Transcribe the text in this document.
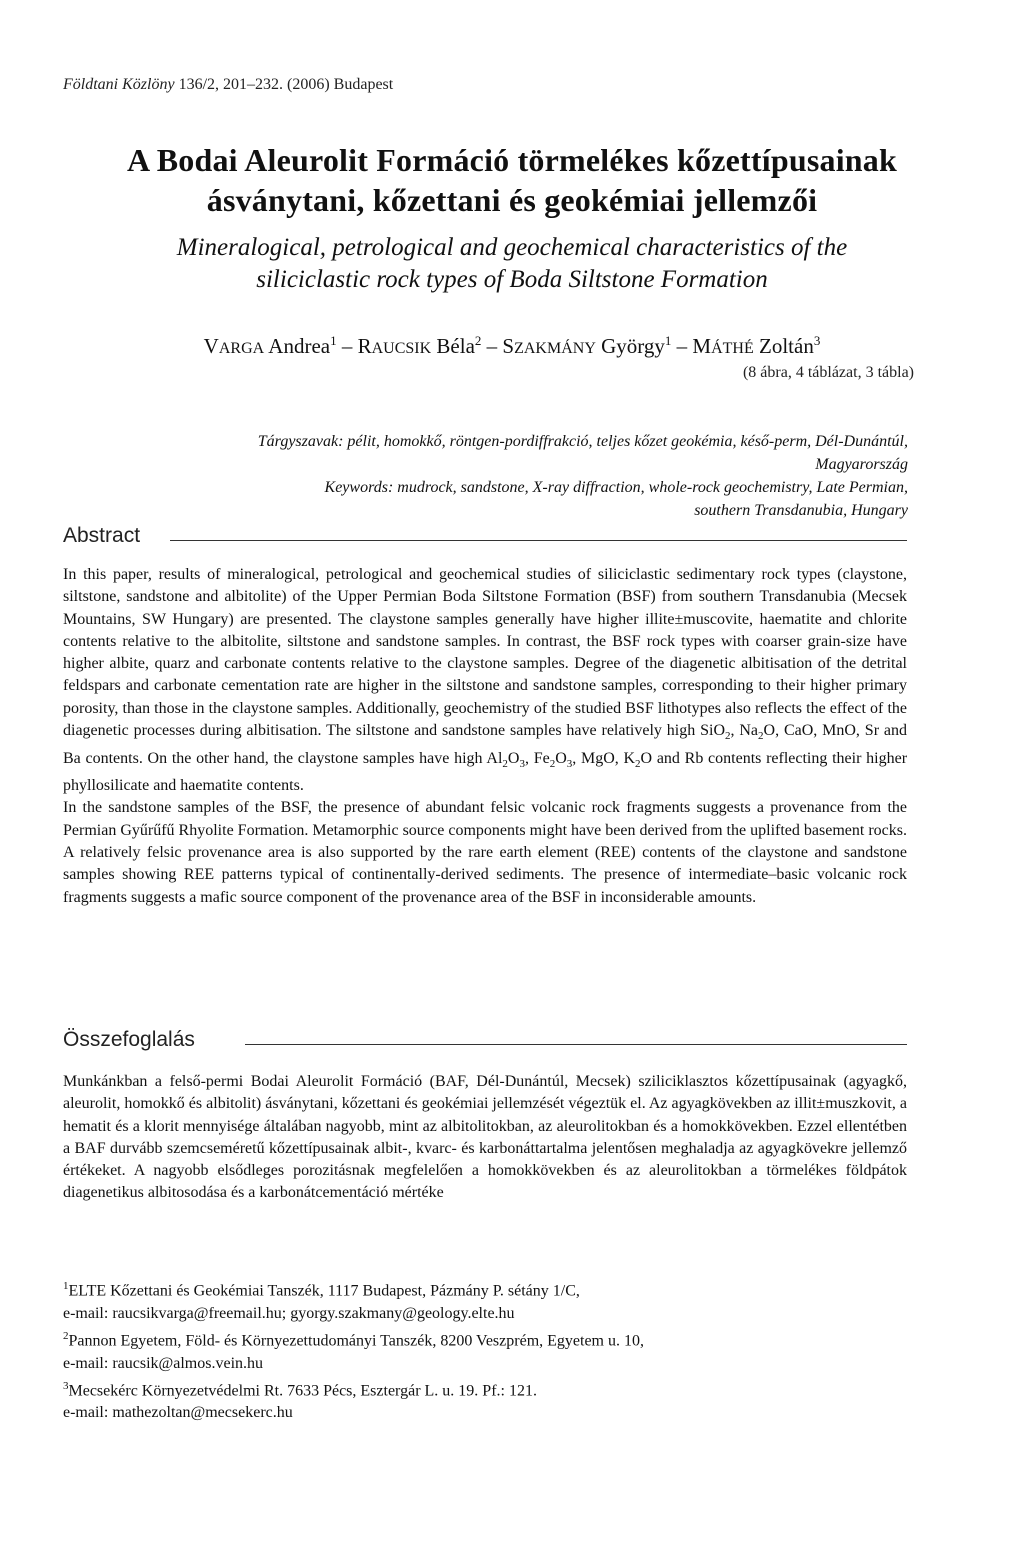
Földtani Közlöny 136/2, 201–232. (2006) Budapest
A Bodai Aleurolit Formáció törmelékes kőzettípusainak
ásványtani, kőzettani és geokémiai jellemzői
Mineralogical, petrological and geochemical characteristics of the
siliciclastic rock types of Boda Siltstone Formation
VARGA Andrea$^1$ – RAUCSIK Béla$^2$ – SZAKMÁNY György$^1$ – MÁTHÉ Zoltán$^3$
(8 ábra, 4 táblázat, 3 tábla)
Tárgyszavak: pélit, homokkő, röntgen-pordiffrakció, teljes kőzet geokémia, késő-perm, Dél-Dunántúl,
Magyarország
Keywords: mudrock, sandstone, X-ray diffraction, whole-rock geochemistry, Late Permian,
southern Transdanubia, Hungary
Abstract

In this paper, results of mineralogical, petrological and geochemical studies of siliciclastic sedimentary rock types (claystone, siltstone, sandstone and albitolite) of the Upper Permian Boda Siltstone Formation (BSF) from southern Transdanubia (Mecsek Mountains, SW Hungary) are presented. The claystone samples generally have higher illite±muscovite, haematite and chlorite contents relative to the albitolite, siltstone and sandstone samples. In contrast, the BSF rock types with coarser grain-size have higher albite, quarz and carbonate contents relative to the claystone samples. Degree of the diagenetic albitisation of the detrital feldspars and carbonate cementation rate are higher in the siltstone and sandstone samples, corresponding to their higher primary porosity, than those in the claystone samples. Additionally, geochemistry of the studied BSF lithotypes also reflects the effect of the diagenetic processes during albitisation. The siltstone and sandstone samples have relatively high SiO$_2$, $Na_2O$, CaO, MnO, Sr and Ba contents. On the other hand, the claystone samples have high $Al_2O_3$, $Fe_2O_3$, MgO, $K_2O$ and Rb contents reflecting their higher phyllosilicate and haematite contents.

In the sandstone samples of the BSF, the presence of abundant felsic volcanic rock fragments suggests a provenance from the Permian Gyűrűfű Rhyolite Formation. Metamorphic source components might have been derived from the uplifted basement rocks. A relatively felsic provenance area is also supported by the rare earth element (REE) contents of the claystone and sandstone samples showing REE patterns typical of continentally-derived sediments. The presence of intermediate–basic volcanic rock fragments suggests a mafic source component of the provenance area of the BSF in inconsiderable amounts.

Összefoglalás

Munkánkban a felső-permi Bodai Aleurolit Formáció (BAF, Dél-Dunántúl, Mecsek) sziliciklasztos kőzettípusainak (agyagkő, aleurolit, homokkő és albitolit) ásványtani, kőzettani és geokémiai jellemzését végeztük el. Az agyagkövekben az illit±muszkovit, a hematit és a klorit mennyisége általában nagyobb, mint az albitolitokban, az aleurolitokban és a homokkövekben. Ezzel ellentétben a BAF durvább szemcseméretű kőzettípusainak albit-, kvarc- és karbonáttartalma jelentősen meghaladja az agyagkövekre jellemző értékeket. A nagyobb elsődleges porozitásnak megfelelően a homokkövekben és az aleurolitokban a törmelékes földpátok diagenetikus albitosodása és a karbonátcementáció mértéke

$^1$ELTE Kőzettani és Geokémiai Tanszék, 1117 Budapest, Pázmány P. sétány 1/C,
e-mail: raucsikvarga@freemail.hu; gyorgy.szakmany@geology.elte.hu
$^2$Pannon Egyetem, Föld- és Környezettudományi Tanszék, 8200 Veszprém, Egyetem u. 10,
e-mail: raucsik@almos.vein.hu
$^3$Mecsekérc Környezetvédelmi Rt. 7633 Pécs, Esztergár L. u. 19. Pf.: 121.
e-mail: mathezoltan@mecsekerc.hu
